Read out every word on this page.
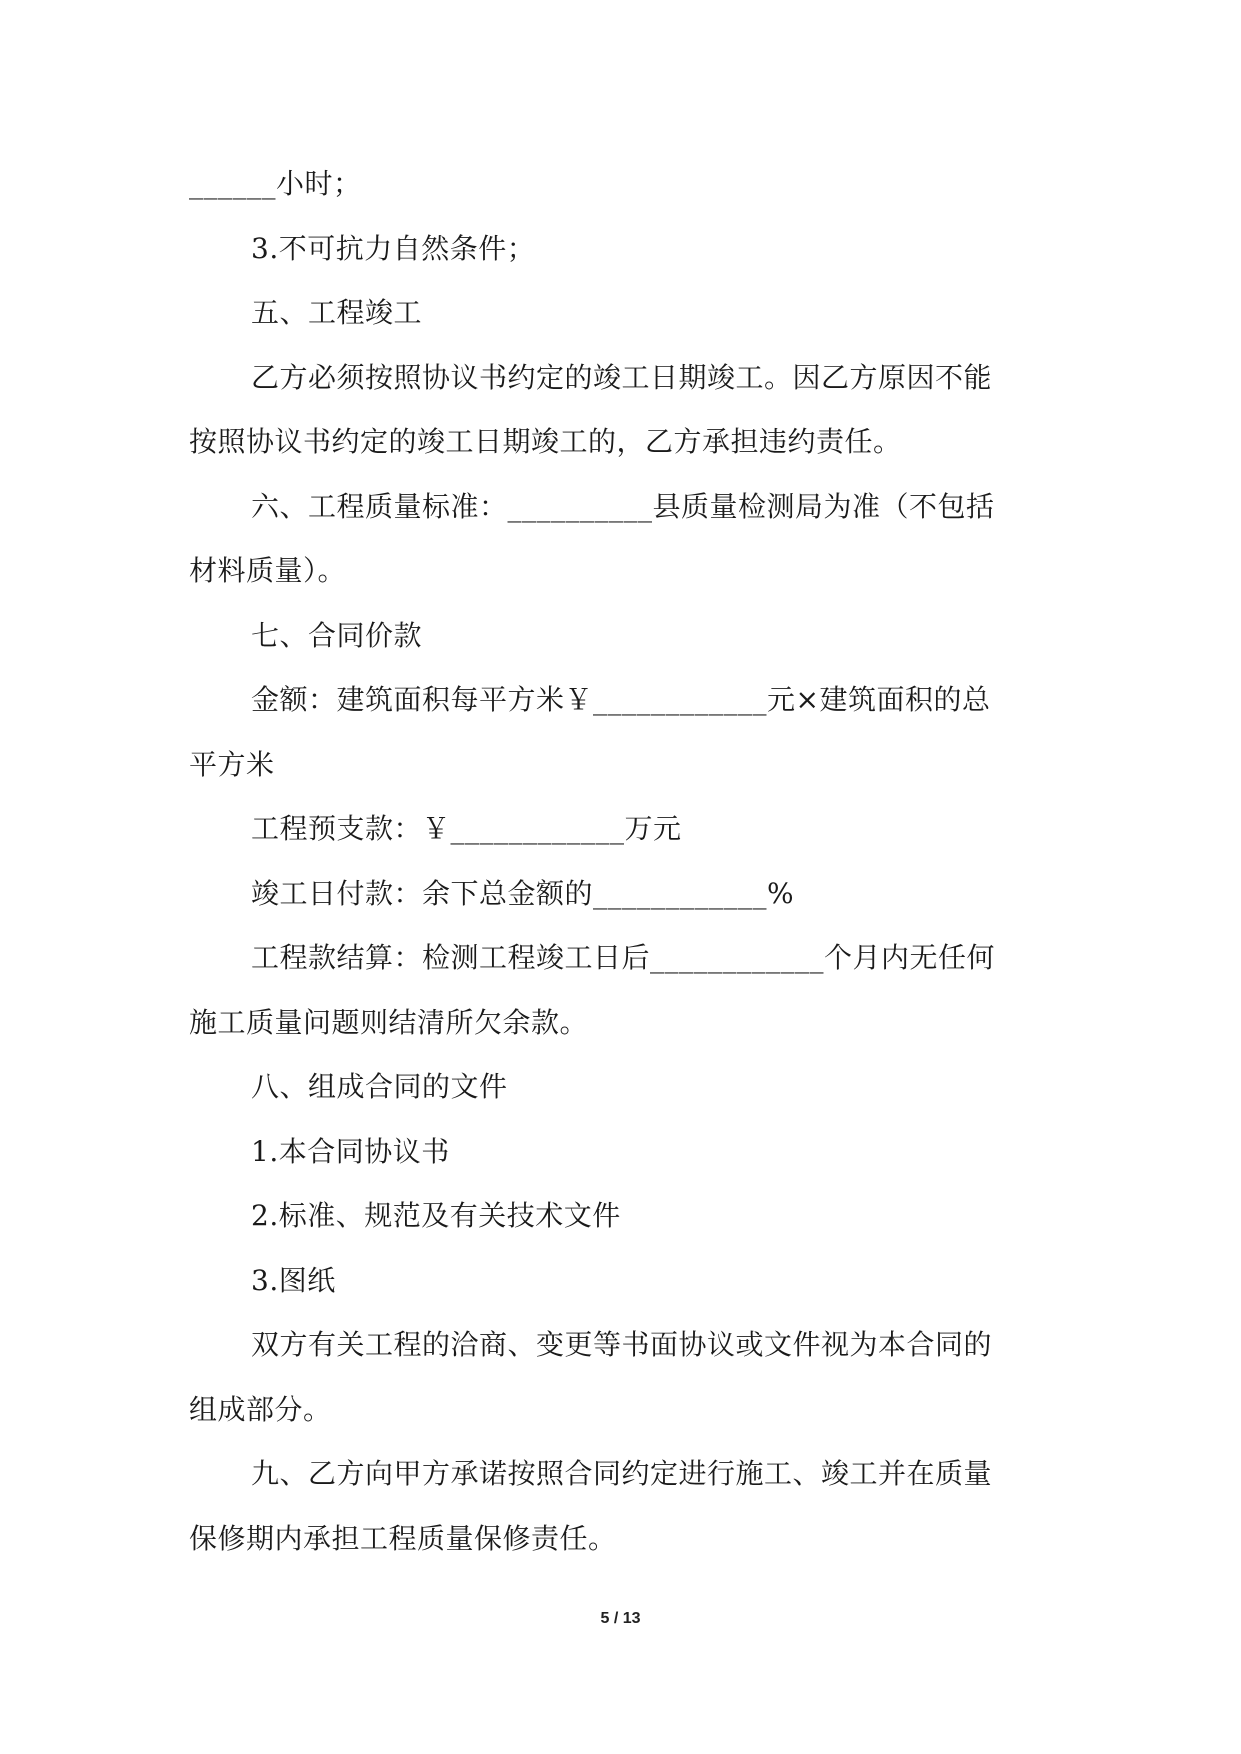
______小时；
3.不可抗力自然条件；
五、工程竣工
乙方必须按照协议书约定的竣工日期竣工。因乙方原因不能
按照协议书约定的竣工日期竣工的，乙方承担违约责任。
六、工程质量标准：__________县质量检测局为准（不包括
材料质量）。
七、合同价款
金额：建筑面积每平方米￥____________元×建筑面积的总
平方米
工程预支款：￥____________万元
竣工日付款：余下总金额的____________%
工程款结算：检测工程竣工日后____________个月内无任何
施工质量问题则结清所欠余款。
八、组成合同的文件
1.本合同协议书
2.标准、规范及有关技术文件
3.图纸
双方有关工程的洽商、变更等书面协议或文件视为本合同的
组成部分。
九、乙方向甲方承诺按照合同约定进行施工、竣工并在质量
保修期内承担工程质量保修责任。
5 / 13
